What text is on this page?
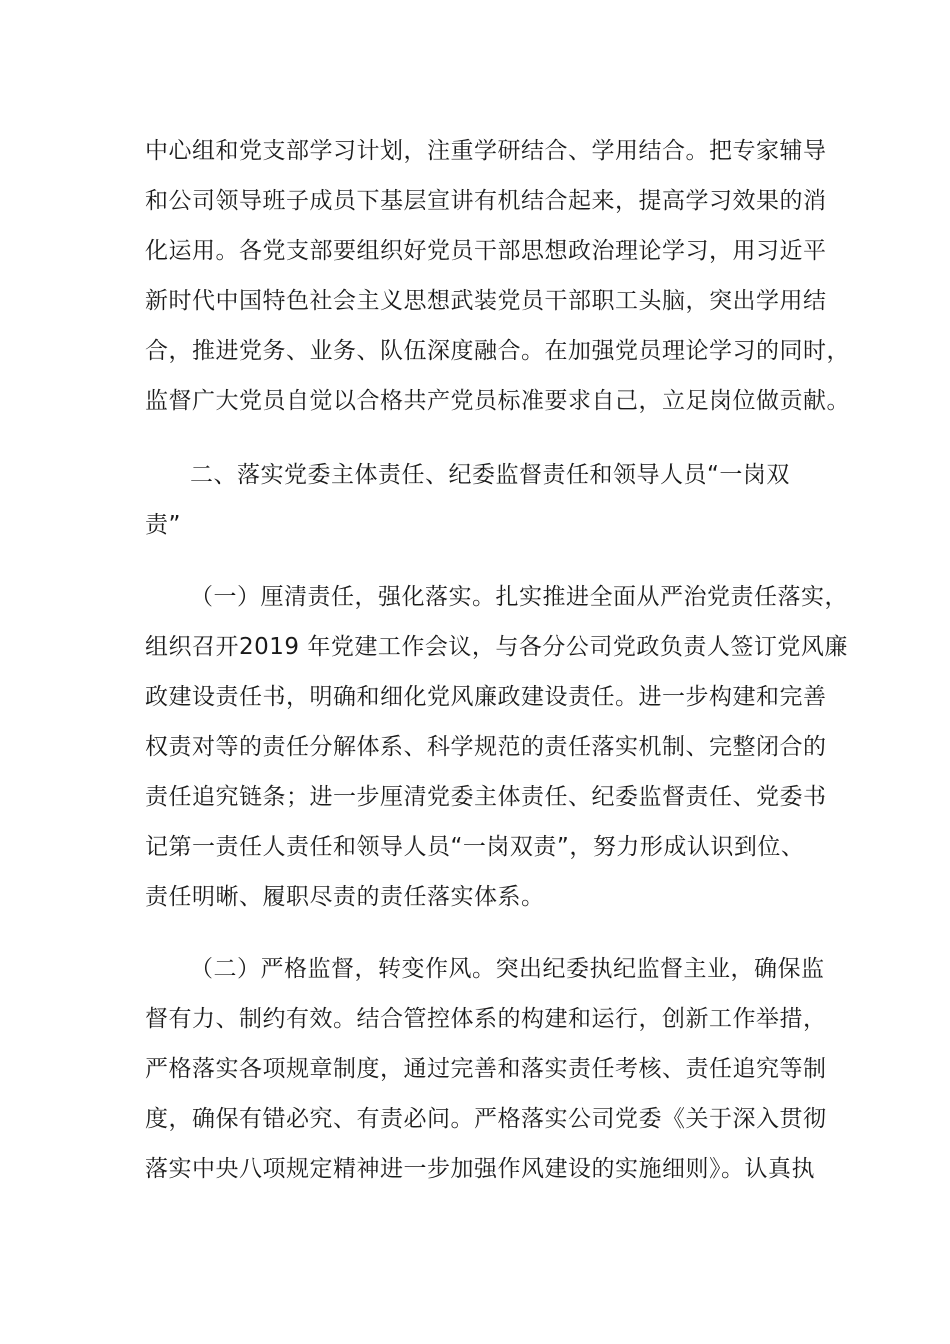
中心组和党支部学习计划，注重学研结合、学用结合。把专家辅导
和公司领导班子成员下基层宣讲有机结合起来，提高学习效果的消
化运用。各党支部要组织好党员干部思想政治理论学习，用习近平
新时代中国特色社会主义思想武装党员干部职工头脑，突出学用结
合，推进党务、业务、队伍深度融合。在加强党员理论学习的同时，
监督广大党员自觉以合格共产党员标准要求自己，立足岗位做贡献。
二、落实党委主体责任、纪委监督责任和领导人员“一岗双
责”
（一）厘清责任，强化落实。扎实推进全面从严治党责任落实，
组织召开2019 年党建工作会议，与各分公司党政负责人签订党风廉
政建设责任书，明确和细化党风廉政建设责任。进一步构建和完善
权责对等的责任分解体系、科学规范的责任落实机制、完整闭合的
责任追究链条；进一步厘清党委主体责任、纪委监督责任、党委书
记第一责任人责任和领导人员“一岗双责”，努力形成认识到位、
责任明晰、履职尽责的责任落实体系。
（二）严格监督，转变作风。突出纪委执纪监督主业，确保监
督有力、制约有效。结合管控体系的构建和运行，创新工作举措，
严格落实各项规章制度，通过完善和落实责任考核、责任追究等制
度，确保有错必究、有责必问。严格落实公司党委《关于深入贯彻
落实中央八项规定精神进一步加强作风建设的实施细则》。认真执
